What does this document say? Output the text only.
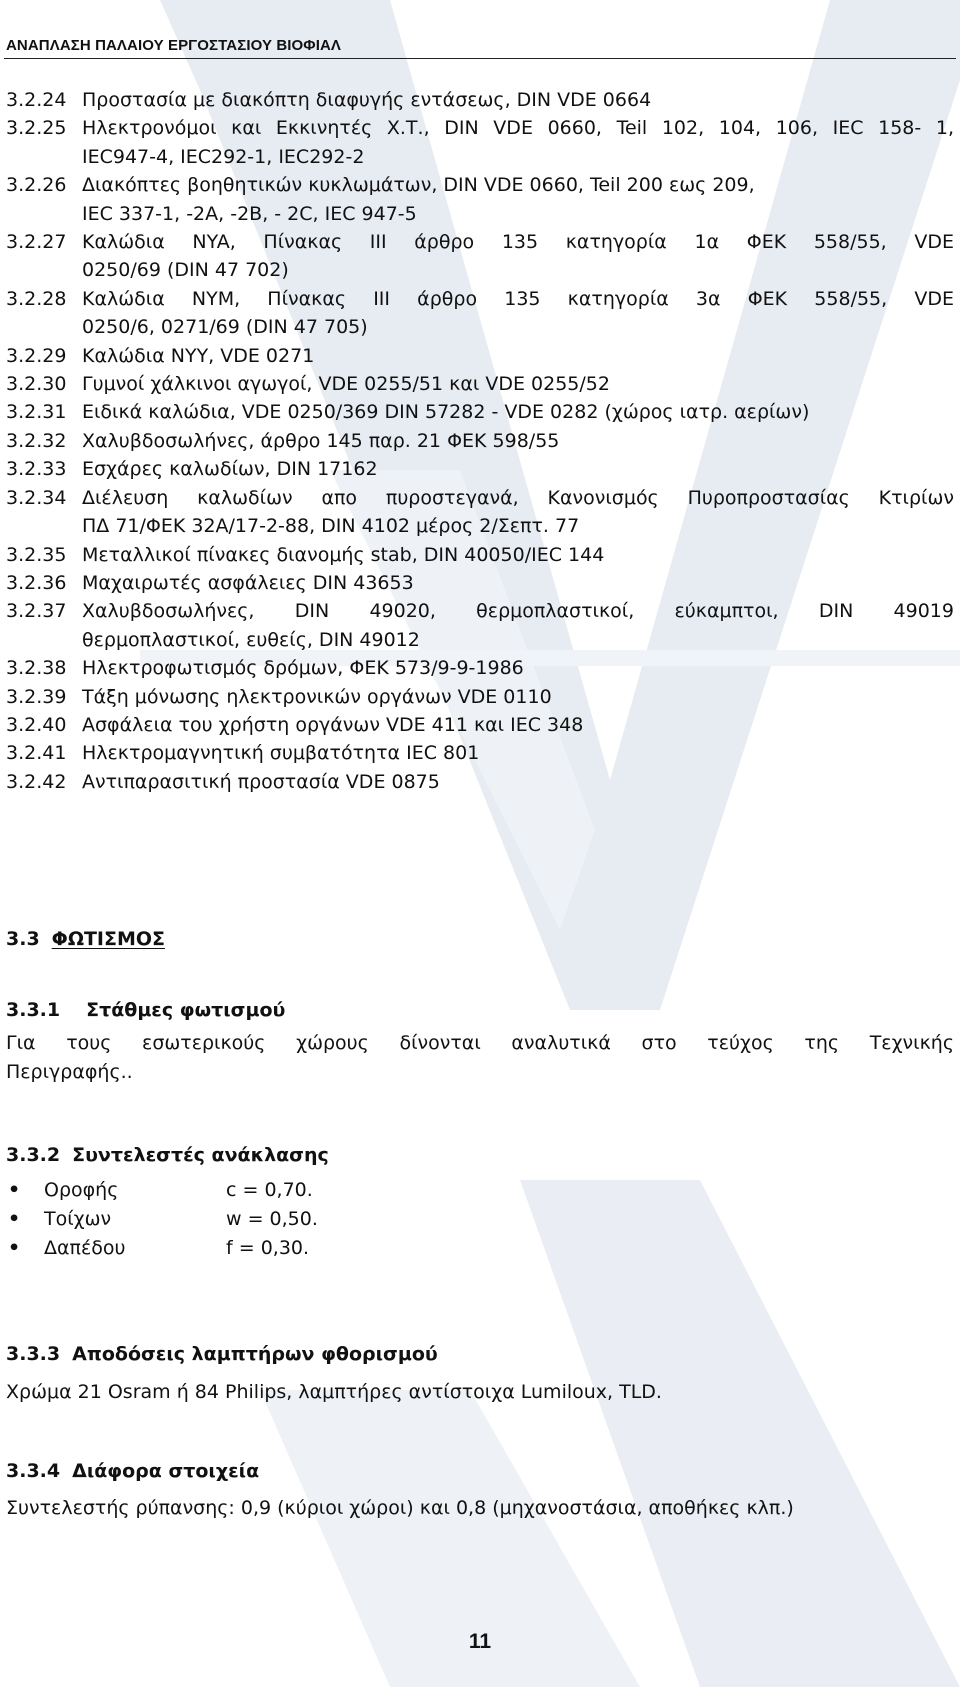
ΑΝΑΠΛΑΣΗ ΠΑΛΑΙΟΥ ΕΡΓΟΣΤΑΣΙΟΥ ΒΙΟΦΙΑΛ
3.2.24 Προστασία με διακόπτη διαφυγής εντάσεως, DIN VDE 0664
3.2.25 Ηλεκτρονόμοι και Εκκινητές Χ.Τ., DIN VDE 0660, Teil 102, 104, 106, IEC 158- 1,
IEC947-4, IEC292-1, IEC292-2
3.2.26 Διακόπτες βοηθητικών κυκλωμάτων, DIN VDE 0660, Teil 200 εως 209,
IEC 337-1, -2A, -2B, - 2C, IEC 947-5
3.2.27 Καλώδια NYA, Πίνακας III άρθρο 135 κατηγορία 1α ΦΕΚ 558/55, VDE
0250/69 (DIN 47 702)
3.2.28 Καλώδια NYM, Πίνακας III άρθρο 135 κατηγορία 3α ΦΕΚ 558/55, VDE
0250/6, 0271/69 (DIN 47 705)
3.2.29 Καλώδια NYY, VDE 0271
3.2.30 Γυμνοί χάλκινοι αγωγοί, VDE 0255/51 και VDE 0255/52
3.2.31 Ειδικά καλώδια, VDE 0250/369 DIN 57282 - VDE 0282 (χώρος ιατρ. αερίων)
3.2.32 Χαλυβδοσωλήνες, άρθρο 145 παρ. 21 ΦΕΚ 598/55
3.2.33 Εσχάρες καλωδίων, DIN 17162
3.2.34 Διέλευση καλωδίων απο πυροστεγανά, Κανονισμός Πυροπροστασίας Κτιρίων
ΠΔ 71/ΦΕΚ 32Α/17-2-88, DIN 4102 μέρος 2/Σεπτ. 77
3.2.35 Μεταλλικοί πίνακες διανομής stab, DIN 40050/IEC 144
3.2.36 Μαχαιρωτές ασφάλειες DIN 43653
3.2.37 Χαλυβδοσωλήνες, DIN 49020, θερμοπλαστικοί, εύκαμπτοι, DIN 49019
θερμοπλαστικοί, ευθείς, DIN 49012
3.2.38 Ηλεκτροφωτισμός δρόμων, ΦΕΚ 573/9-9-1986
3.2.39 Τάξη μόνωσης ηλεκτρονικών οργάνων VDE 0110
3.2.40 Ασφάλεια του χρήστη οργάνων VDE 411 και IEC 348
3.2.41 Ηλεκτρομαγνητική συμβατότητα IEC 801
3.2.42 Αντιπαρασιτική προστασία VDE 0875
3.3 ΦΩΤΙΣΜΟΣ
3.3.1 Στάθμες φωτισμού
Για τους εσωτερικούς χώρους δίνονται αναλυτικά στο τεύχος της Τεχνικής
Περιγραφής..
3.3.2 Συντελεστές ανάκλασης
•	Οροφής	c = 0,70.
•	Τοίχων	w = 0,50.
•	Δαπέδου	f = 0,30.
3.3.3 Αποδόσεις λαμπτήρων φθορισμού
Χρώμα 21 Osram ή 84 Philips, λαμπτήρες αντίστοιχα Lumiloux, TLD.
3.3.4 Διάφορα στοιχεία
Συντελεστής ρύπανσης: 0,9 (κύριοι χώροι) και 0,8 (μηχανοστάσια, αποθήκες κλπ.)
11
